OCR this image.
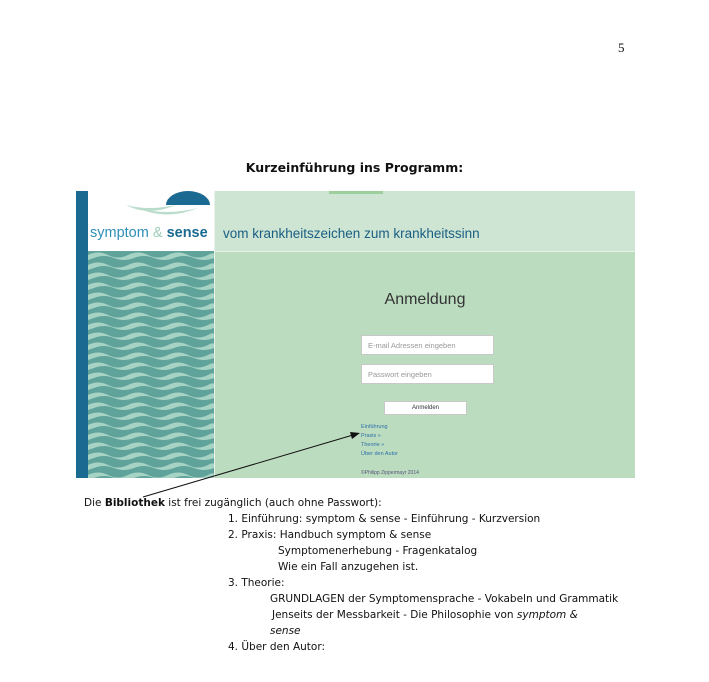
5
Kurzeinführung ins Programm:
symptom & sense vom krankheitszeichen zum krankheitssinn
Anmeldung
E-mail Adressen eingeben
Passwort eingeben
Anmelden
Einführung
Praxis »
Theorie »
Über den Autor
©Philipp Zippermayr 2014
Die Bibliothek ist frei zugänglich (auch ohne Passwort):
1. Einführung: symptom & sense - Einführung - Kurzversion
2. Praxis: Handbuch symptom & sense
Symptomenerhebung - Fragenkatalog
Wie ein Fall anzugehen ist.
3. Theorie:
GRUNDLAGEN der Symptomensprache - Vokabeln und Grammatik
Jenseits der Messbarkeit - Die Philosophie von symptom &
sense
4. Über den Autor:
